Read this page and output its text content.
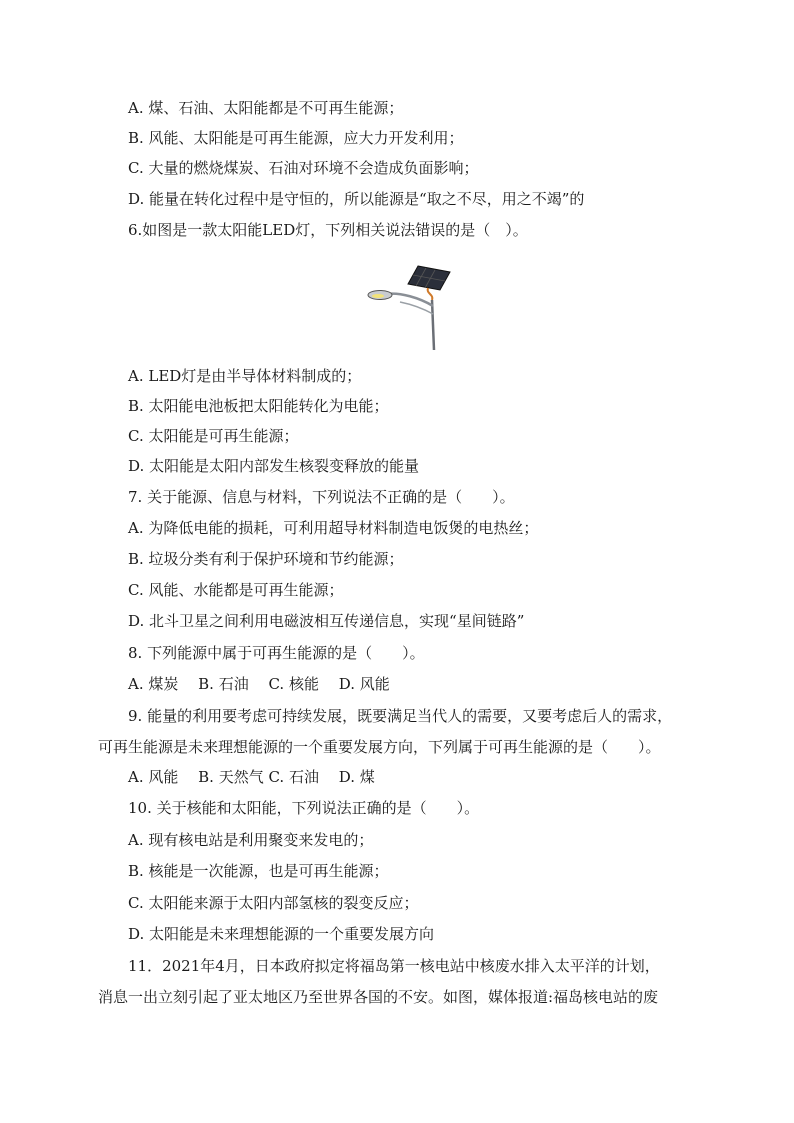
A. 煤、石油、太阳能都是不可再生能源；
B. 风能、太阳能是可再生能源，应大力开发利用；
C. 大量的燃烧煤炭、石油对环境不会造成负面影响；
D. 能量在转化过程中是守恒的，所以能源是“取之不尽，用之不竭”的
6.如图是一款太阳能LED灯，下列相关说法错误的是（　）。
A. LED灯是由半导体材料制成的；
B. 太阳能电池板把太阳能转化为电能；
C. 太阳能是可再生能源；
D. 太阳能是太阳内部发生核裂变释放的能量
7. 关于能源、信息与材料，下列说法不正确的是（　　）。
A. 为降低电能的损耗，可利用超导材料制造电饭煲的电热丝；
B. 垃圾分类有利于保护环境和节约能源；
C. 风能、水能都是可再生能源；
D. 北斗卫星之间利用电磁波相互传递信息，实现“星间链路”
8. 下列能源中属于可再生能源的是（　　）。
A. 煤炭　 B. 石油　 C. 核能　 D. 风能
9. 能量的利用要考虑可持续发展，既要满足当代人的需要，又要考虑后人的需求，
可再生能源是未来理想能源的一个重要发展方向，下列属于可再生能源的是（　　）。
A. 风能　 B. 天然气 C. 石油　 D. 煤
10. 关于核能和太阳能，下列说法正确的是（　　）。
A. 现有核电站是利用聚变来发电的；
B. 核能是一次能源，也是可再生能源；
C. 太阳能来源于太阳内部氢核的裂变反应；
D. 太阳能是未来理想能源的一个重要发展方向
11．2021年4月，日本政府拟定将福岛第一核电站中核废水排入太平洋的计划，
消息一出立刻引起了亚太地区乃至世界各国的不安。如图，媒体报道:福岛核电站的废
